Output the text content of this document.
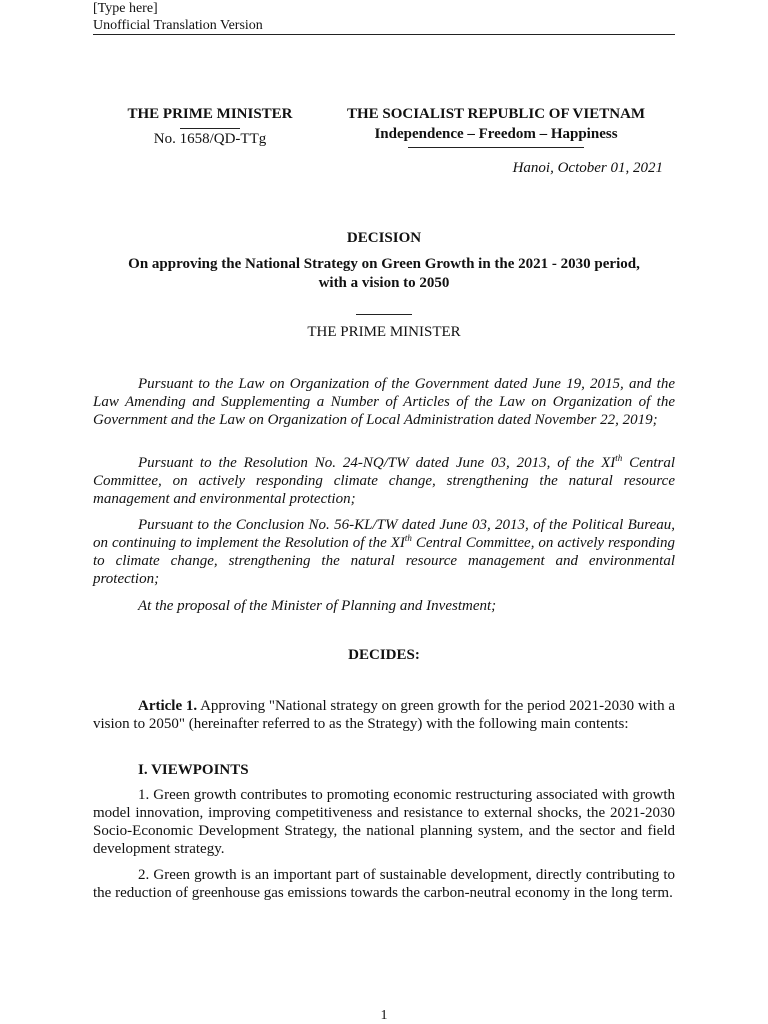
[Type here]
Unofficial Translation Version
THE PRIME MINISTER
No. 1658/QD-TTg
THE SOCIALIST REPUBLIC OF VIETNAM
Independence – Freedom – Happiness
Hanoi, October 01, 2021
DECISION
On approving the National Strategy on Green Growth in the 2021 - 2030 period,
with a vision to 2050
THE PRIME MINISTER
Pursuant to the Law on Organization of the Government dated June 19, 2015, and the Law Amending and Supplementing a Number of Articles of the Law on Organization of the Government and the Law on Organization of Local Administration dated November 22, 2019;
Pursuant to the Resolution No. 24-NQ/TW dated June 03, 2013, of the XIth Central Committee, on actively responding climate change, strengthening the natural resource management and environmental protection;
Pursuant to the Conclusion No. 56-KL/TW dated June 03, 2013, of the Political Bureau, on continuing to implement the Resolution of the XIth Central Committee, on actively responding to climate change, strengthening the natural resource management and environmental protection;
At the proposal of the Minister of Planning and Investment;
DECIDES:
Article 1. Approving "National strategy on green growth for the period 2021-2030 with a vision to 2050" (hereinafter referred to as the Strategy) with the following main contents:
I. VIEWPOINTS
1. Green growth contributes to promoting economic restructuring associated with growth model innovation, improving competitiveness and resistance to external shocks, the 2021-2030 Socio-Economic Development Strategy, the national planning system, and the sector and field development strategy.
2. Green growth is an important part of sustainable development, directly contributing to the reduction of greenhouse gas emissions towards the carbon-neutral economy in the long term.
1
